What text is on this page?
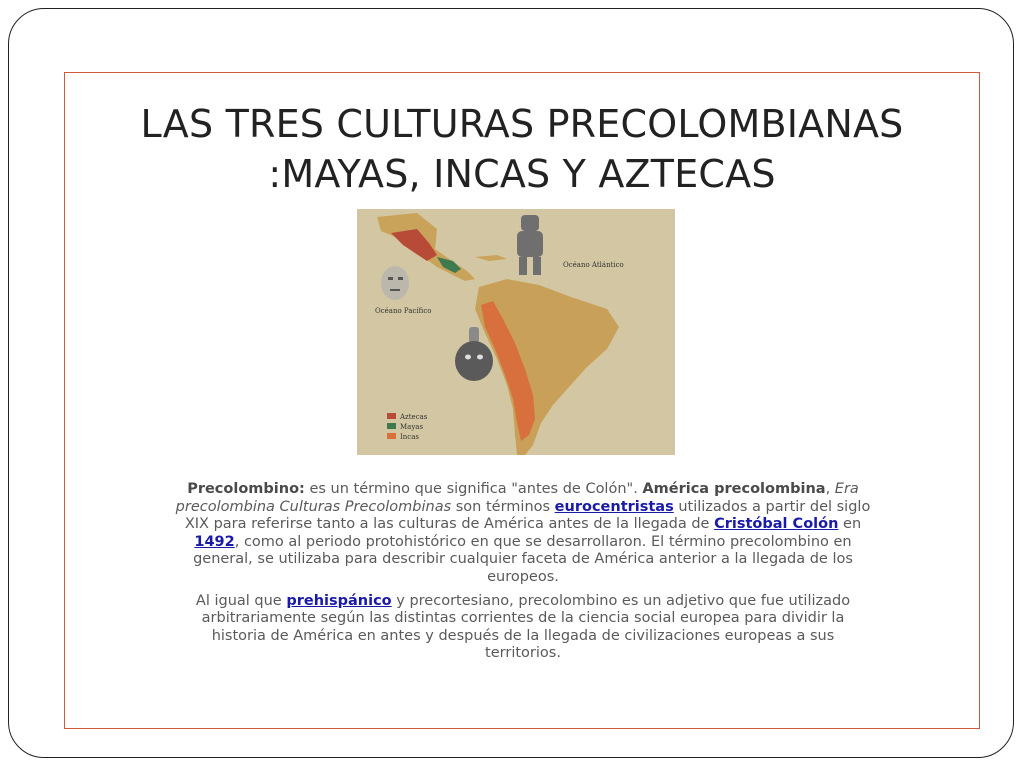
LAS TRES CULTURAS PRECOLOMBIANAS
:MAYAS, INCAS Y AZTECAS
Océano Atlántico
Océano Pacífico
Aztecas
Mayas
Incas

Precolombino: es un término que significa "antes de Colón". América precolombina, Era precolombina Culturas Precolombinas son términos eurocentristas utilizados a partir del siglo XIX para referirse tanto a las culturas de América antes de la llegada de Cristóbal Colón en 1492, como al periodo protohistórico en que se desarrollaron. El término precolombino en general, se utilizaba para describir cualquier faceta de América anterior a la llegada de los europeos.

Al igual que prehispánico y precortesiano, precolombino es un adjetivo que fue utilizado arbitrariamente según las distintas corrientes de la ciencia social europea para dividir la historia de América en antes y después de la llegada de civilizaciones europeas a sus territorios.
